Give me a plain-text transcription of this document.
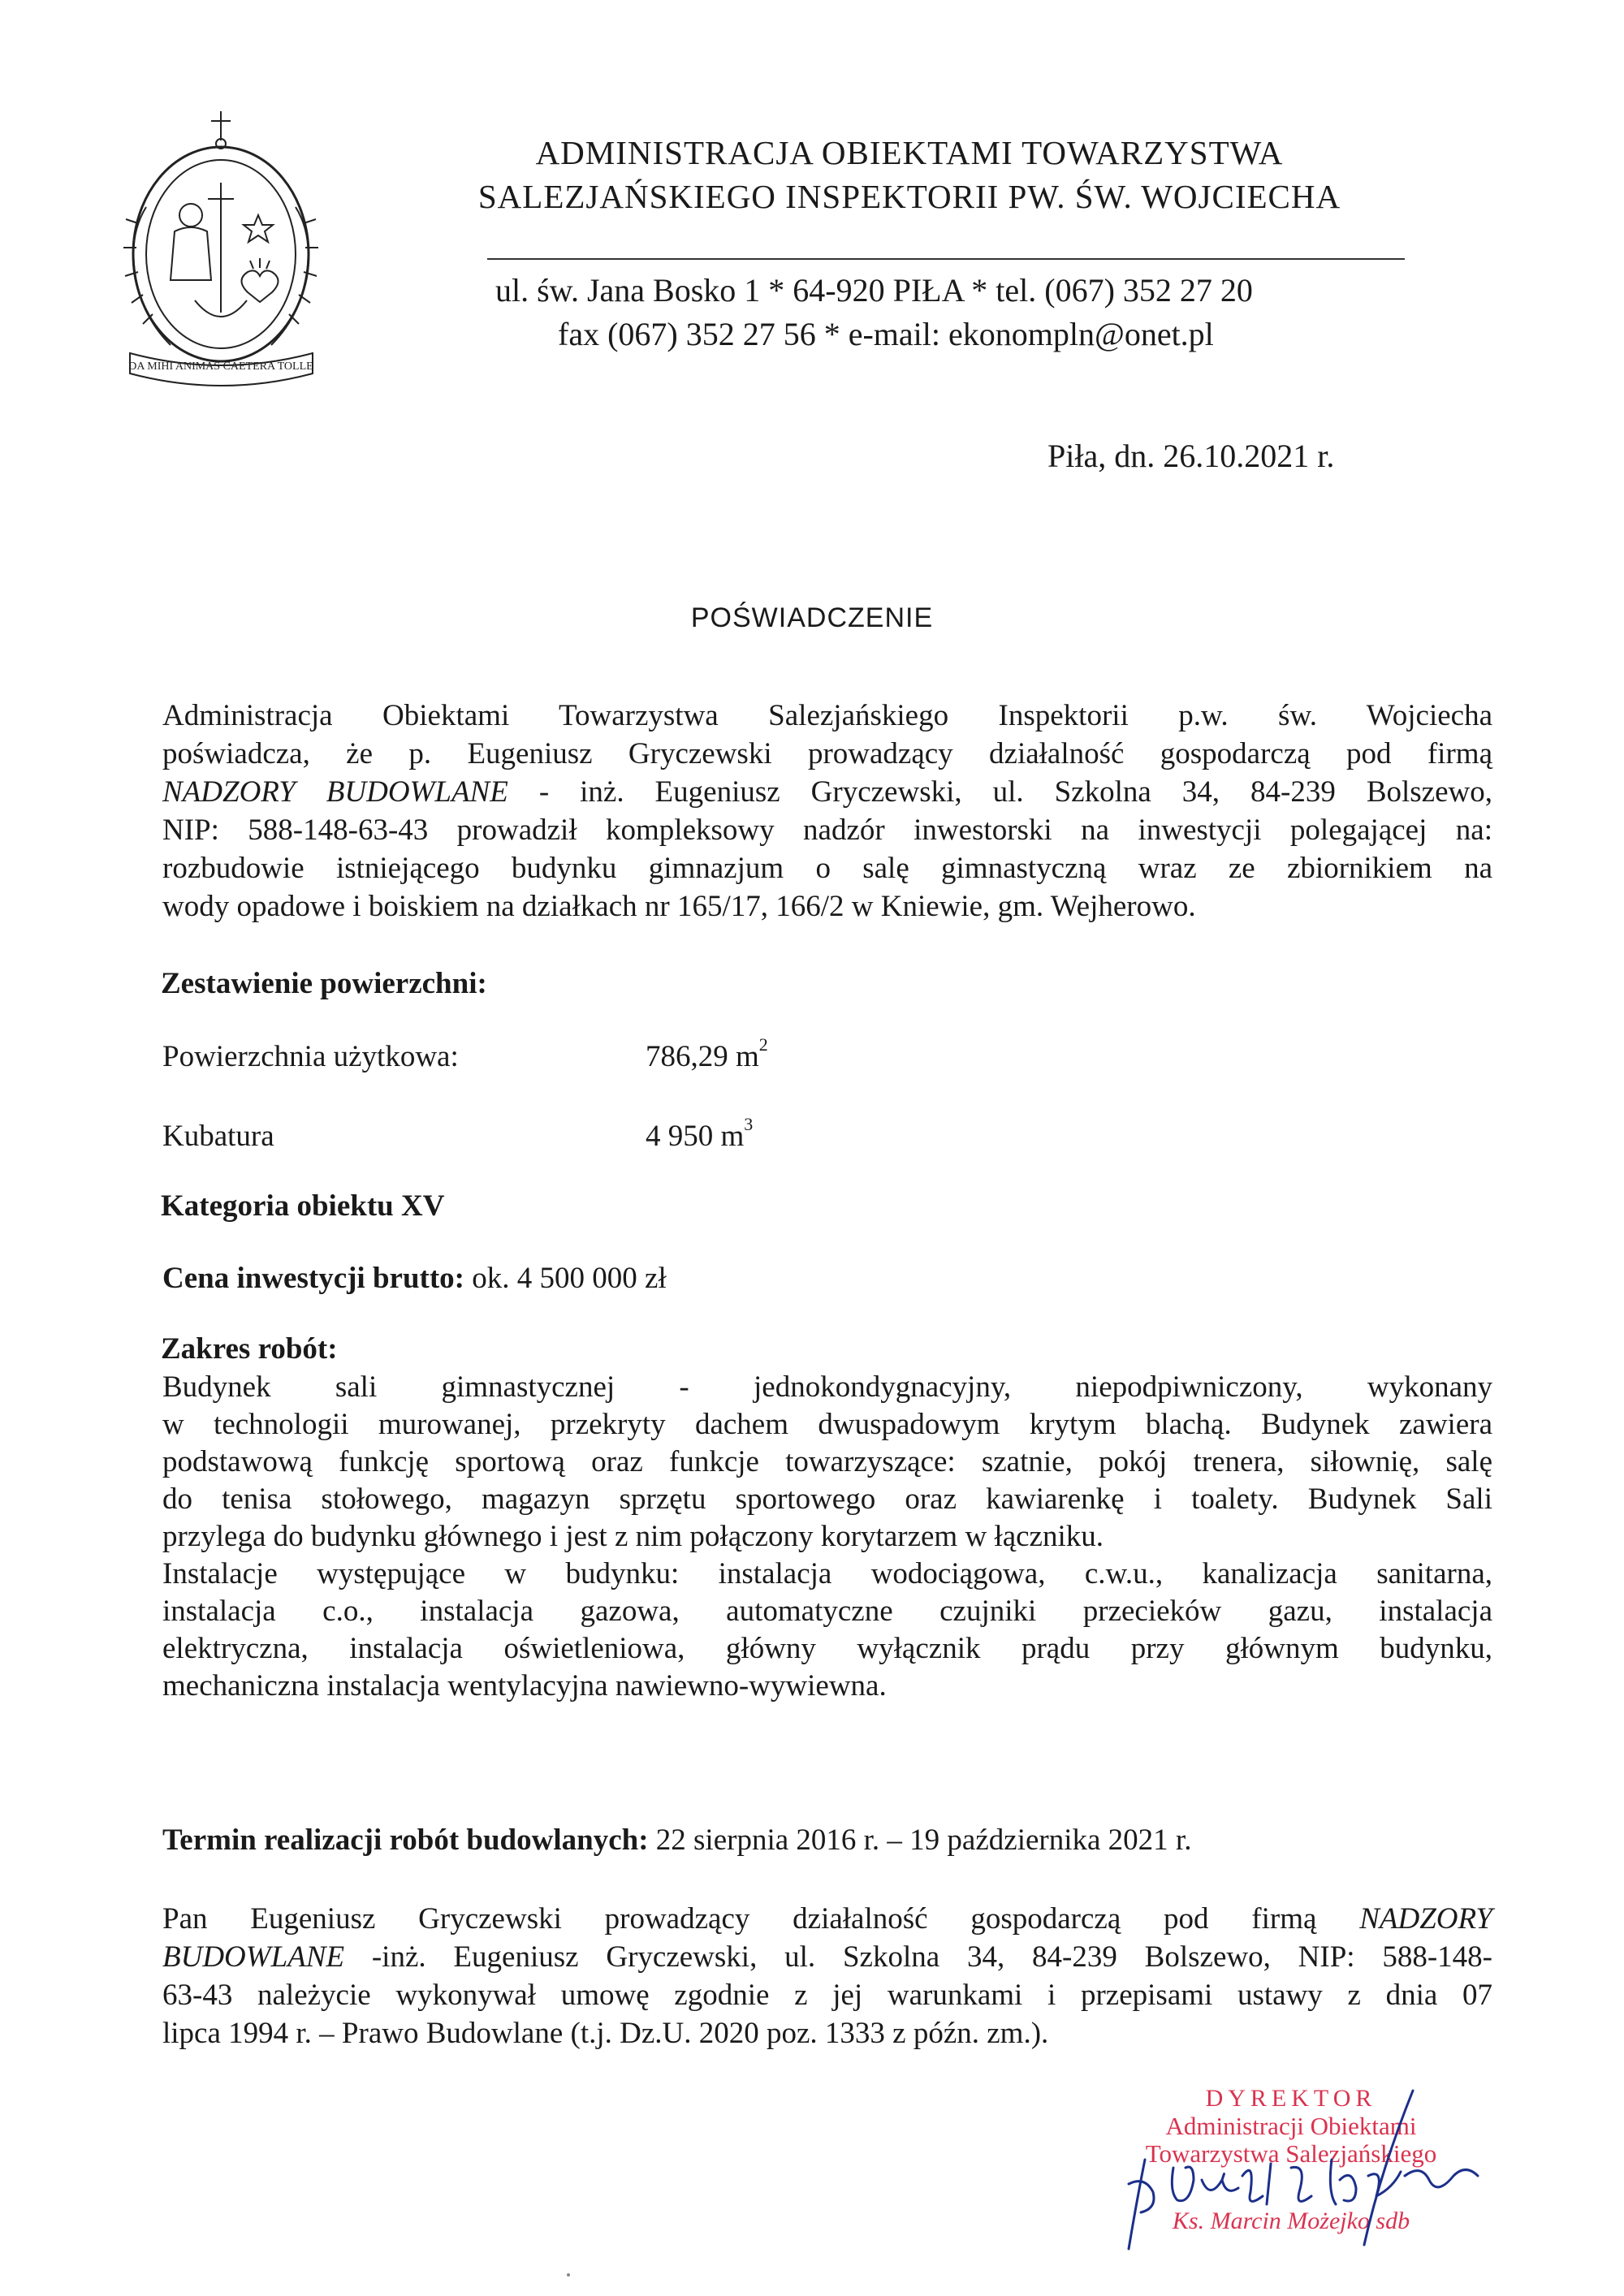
DA MIHI ANIMAS CAETERA TOLLE
ADMINISTRACJA OBIEKTAMI TOWARZYSTWA
SALEZJAŃSKIEGO INSPEKTORII PW. ŚW. WOJCIECHA
ul. św. Jana Bosko 1 * 64-920 PIŁA * tel. (067) 352 27 20
fax (067) 352 27 56 * e-mail: ekonompln@onet.pl
Piła, dn. 26.10.2021 r.
POŚWIADCZENIE
Administracja Obiektami Towarzystwa Salezjańskiego Inspektorii p.w. św. Wojciecha
poświadcza, że p. Eugeniusz Gryczewski prowadzący działalność gospodarczą pod firmą
NADZORY BUDOWLANE - inż. Eugeniusz Gryczewski, ul. Szkolna 34, 84-239 Bolszewo,
NIP: 588-148-63-43 prowadził kompleksowy nadzór inwestorski na inwestycji polegającej na:
rozbudowie istniejącego budynku gimnazjum o salę gimnastyczną wraz ze zbiornikiem na
wody opadowe i boiskiem na działkach nr 165/17, 166/2 w Kniewie, gm. Wejherowo.
Zestawienie powierzchni:
Powierzchnia użytkowa:	786,29 $m^2$
Kubatura	4 950 $m^3$
Kategoria obiektu XV
Cena inwestycji brutto: ok. 4 500 000 zł
Zakres robót:
Budynek sali gimnastycznej - jednokondygnacyjny, niepodpiwniczony, wykonany
w technologii murowanej, przekryty dachem dwuspadowym krytym blachą. Budynek zawiera
podstawową funkcję sportową oraz funkcje towarzyszące: szatnie, pokój trenera, siłownię, salę
do tenisa stołowego, magazyn sprzętu sportowego oraz kawiarenkę i toalety. Budynek Sali
przylega do budynku głównego i jest z nim połączony korytarzem w łączniku.
Instalacje występujące w budynku: instalacja wodociągowa, c.w.u., kanalizacja sanitarna,
instalacja c.o., instalacja gazowa, automatyczne czujniki przecieków gazu, instalacja
elektryczna, instalacja oświetleniowa, główny wyłącznik prądu przy głównym budynku,
mechaniczna instalacja wentylacyjna nawiewno-wywiewna.
Termin realizacji robót budowlanych: 22 sierpnia 2016 r. – 19 października 2021 r.
Pan Eugeniusz Gryczewski prowadzący działalność gospodarczą pod firmą NADZORY
BUDOWLANE -inż. Eugeniusz Gryczewski, ul. Szkolna 34, 84-239 Bolszewo, NIP: 588-148-
63-43 należycie wykonywał umowę zgodnie z jej warunkami i przepisami ustawy z dnia 07
lipca 1994 r. – Prawo Budowlane (t.j. Dz.U. 2020 poz. 1333 z późn. zm.).
DYREKTOR
Administracji Obiektami
Towarzystwa Salezjańskiego
Ks. Marcin Możejko sdb
